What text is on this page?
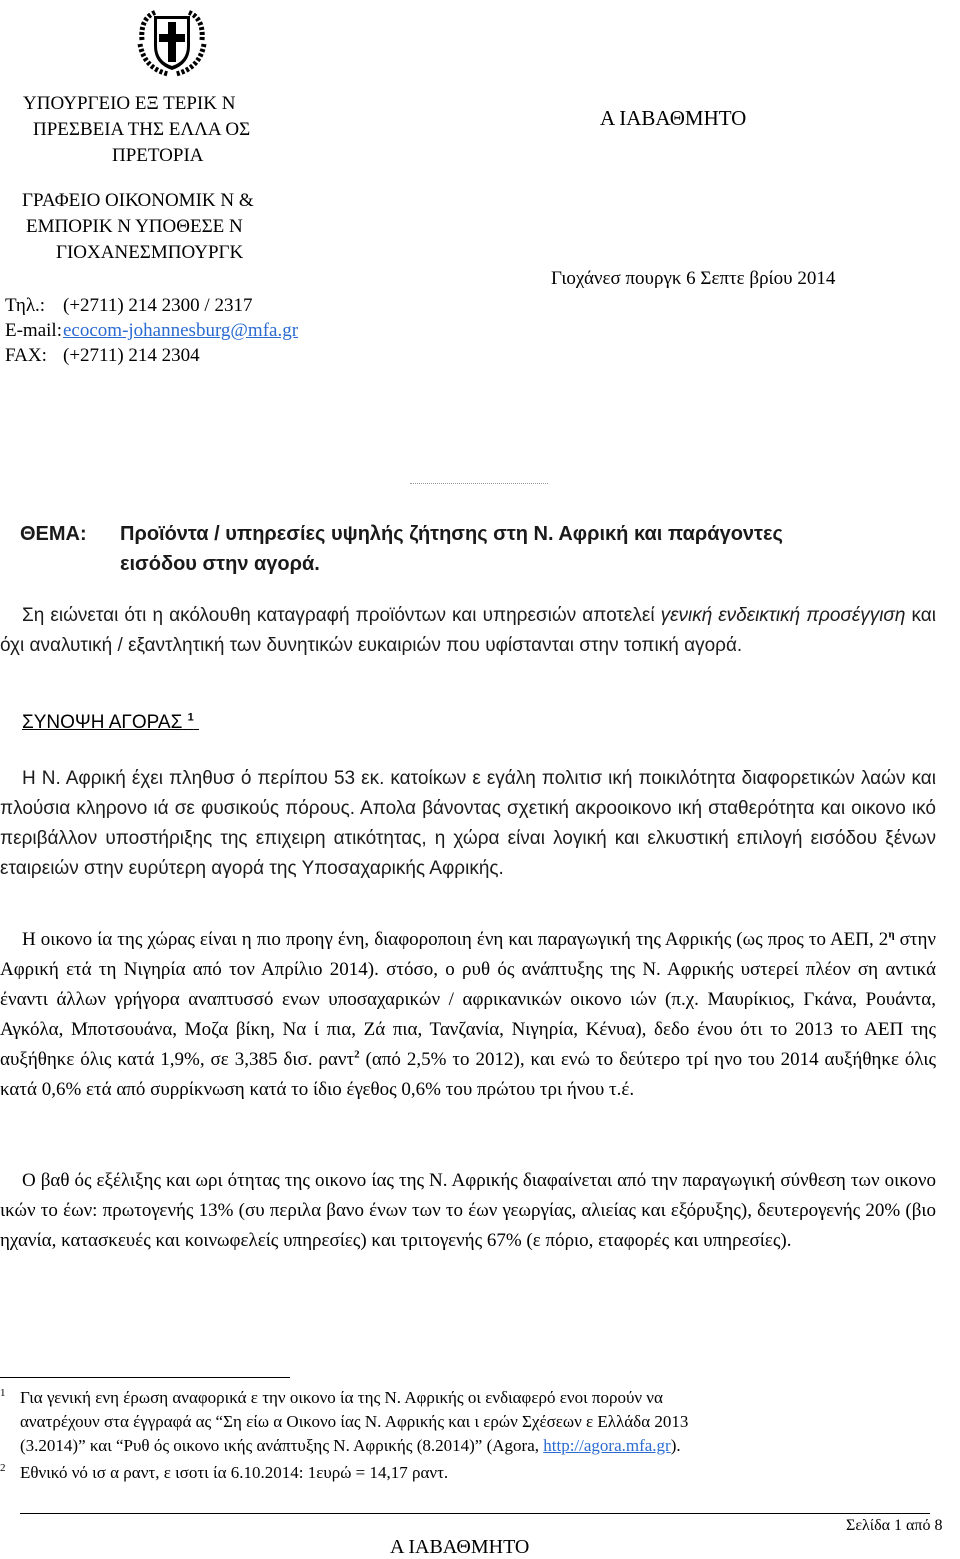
ΥΠΟΥΡΓΕΙΟ ΕΞ ΤΕΡΙΚ Ν
ΠΡΕΣΒΕΙΑ ΤΗΣ ΕΛΛΑ ΟΣ
ΠΡΕΤΟΡΙΑ
ΓΡΑΦΕΙΟ ΟΙΚΟΝΟΜΙΚ Ν &
ΕΜΠΟΡΙΚ Ν ΥΠΟΘΕΣΕ Ν
ΓΙΟΧΑΝΕΣΜΠΟΥΡΓΚ
Τηλ.: (+2711) 214 2300 / 2317
E-mail:ecocom-johannesburg@mfa.gr
FAX: (+2711) 214 2304
Α ΙΑΒΑΘΜΗΤΟ
Γιοχάνεσ πουργκ 6 Σεπτε βρίου 2014
ΘΕΜΑ: Προϊόντα / υπηρεσίες υψηλής ζήτησης στη Ν. Αφρική και παράγοντες
εισόδου στην αγορά.
Ση ειώνεται ότι η ακόλουθη καταγραφή προϊόντων και υπηρεσιών αποτελεί γενική ενδεικτική προσέγγιση και όχι αναλυτική / εξαντλητική των δυνητικών ευκαιριών που υφίστανται στην τοπική αγορά.
ΣΥΝΟΨΗ ΑΓΟΡΑΣ $^1$
Η Ν. Αφρική έχει πληθυσ ό περίπου 53 εκ. κατοίκων ε εγάλη πολιτισ ική ποικιλότητα διαφορετικών λαών και πλούσια κληρονο ιά σε φυσικούς πόρους. Απολα βάνοντας σχετική ακροοικονο ική σταθερότητα και οικονο ικό περιβάλλον υποστήριξης της επιχειρη ατικότητας, η χώρα είναι λογική και ελκυστική επιλογή εισόδου ξένων εταιρειών στην ευρύτερη αγορά της Υποσαχαρικής Αφρικής.
Η οικονο ία της χώρας είναι η πιο προηγ ένη, διαφοροποιη ένη και παραγωγική της Αφρικής (ως προς το ΑΕΠ, $2^\eta$ στην Αφρική ετά τη Νιγηρία από τον Απρίλιο 2014). στόσο, ο ρυθ ός ανάπτυξης της Ν. Αφρικής υστερεί πλέον ση αντικά έναντι άλλων γρήγορα αναπτυσσό ενων υποσαχαρικών / αφρικανικών οικονο ιών (π.χ. Μαυρίκιος, Γκάνα, Ρουάντα, Αγκόλα, Μποτσουάνα, Μοζα βίκη, Να ί πια, Ζά πια, Τανζανία, Νιγηρία, Κένυα), δεδο ένου ότι το 2013 το ΑΕΠ της αυξήθηκε όλις κατά 1,9%, σε 3,385 δισ. ραντ$^2$ (από 2,5% το 2012), και ενώ το δεύτερο τρί ηνο του 2014 αυξήθηκε όλις κατά 0,6% ετά από συρρίκνωση κατά το ίδιο έγεθος 0,6% του πρώτου τρι ήνου τ.έ.
Ο βαθ ός εξέλιξης και ωρι ότητας της οικονο ίας της Ν. Αφρικής διαφαίνεται από την παραγωγική σύνθεση των οικονο ικών το έων: πρωτογενής 13% (συ περιλα βανο ένων των το έων γεωργίας, αλιείας και εξόρυξης), δευτερογενής 20% (βιο ηχανία, κατασκευές και κοινωφελείς υπηρεσίες) και τριτογενής 67% (ε πόριο, εταφορές και υπηρεσίες).
1 Για γενική ενη έρωση αναφορικά ε την οικονο ία της Ν. Αφρικής οι ενδιαφερό ενοι πορούν να
ανατρέχουν στα έγγραφά ας “Ση είω α Οικονο ίας Ν. Αφρικής και ι ερών Σχέσεων ε Ελλάδα 2013
(3.2014)” και “Ρυθ ός οικονο ικής ανάπτυξης Ν. Αφρικής (8.2014)” (Agora, http://agora.mfa.gr).
2 Εθνικό νό ισ α ραντ, ε ισοτι ία 6.10.2014: 1ευρώ = 14,17 ραντ.
Σελίδα 1 από 8
Α ΙΑΒΑΘΜΗΤΟ
